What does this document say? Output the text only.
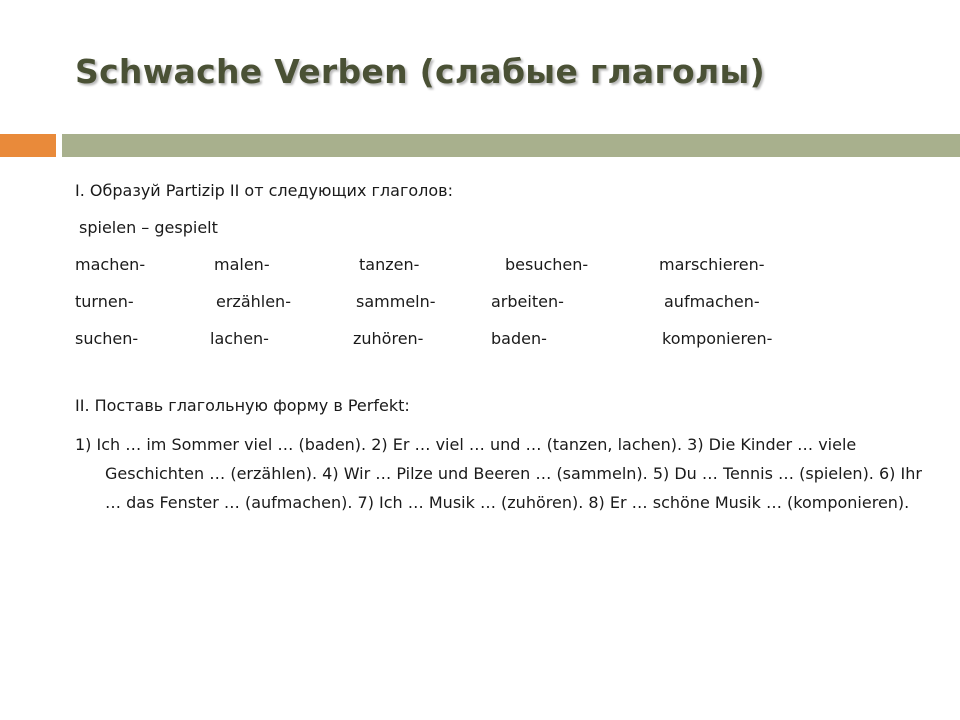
Schwache Verben (слабые глаголы)
I. Образуй Partizip II от следующих глаголов:
spielen – gespielt
machen-	malen-	tanzen-	besuchen-	marschieren-
turnen-	erzählen-	sammeln-	arbeiten-	aufmachen-
suchen-	lachen-	zuhören-	baden-	komponieren-
II. Поставь глагольную форму в Perfekt:
1) Ich … im Sommer viel … (baden). 2) Er … viel … und … (tanzen, lachen). 3) Die Kinder … viele Geschichten … (erzählen). 4) Wir … Pilze und Beeren … (sammeln). 5) Du … Tennis … (spielen). 6) Ihr … das Fenster … (aufmachen). 7) Ich … Musik … (zuhören). 8) Er … schöne Musik … (komponieren).
